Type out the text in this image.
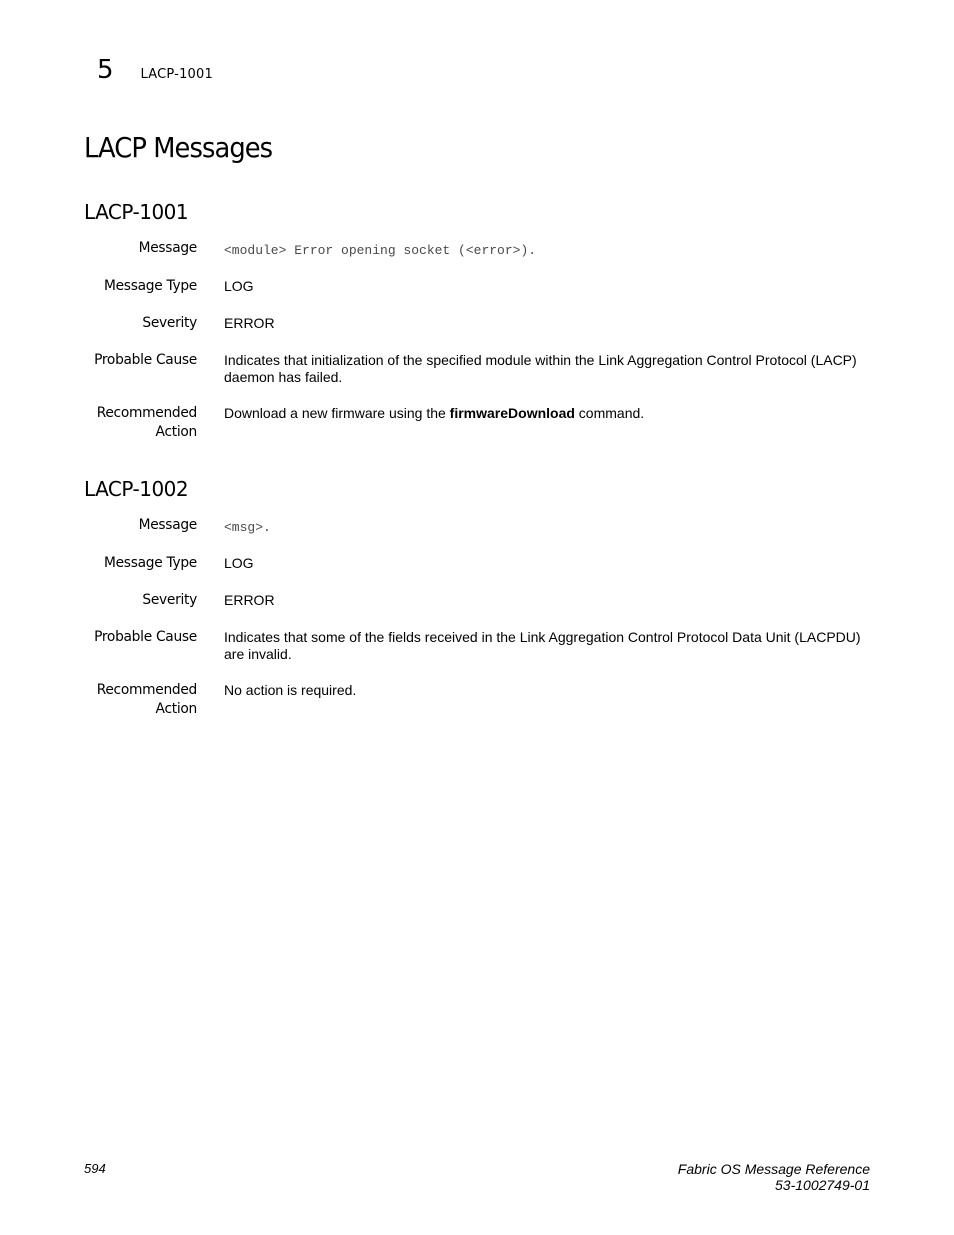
5 LACP-1001
LACP Messages
LACP-1001
Message <module> Error opening socket (<error>).
Message Type LOG
Severity ERROR
Probable Cause Indicates that initialization of the specified module within the Link Aggregation Control Protocol (LACP) daemon has failed.
Recommended
Action
Download a new firmware using the firmwareDownload command.
LACP-1002
Message <msg>.
Message Type LOG
Severity ERROR
Probable Cause Indicates that some of the fields received in the Link Aggregation Control Protocol Data Unit (LACPDU) are invalid.
Recommended
Action
No action is required.
594	Fabric OS Message Reference
53-1002749-01
